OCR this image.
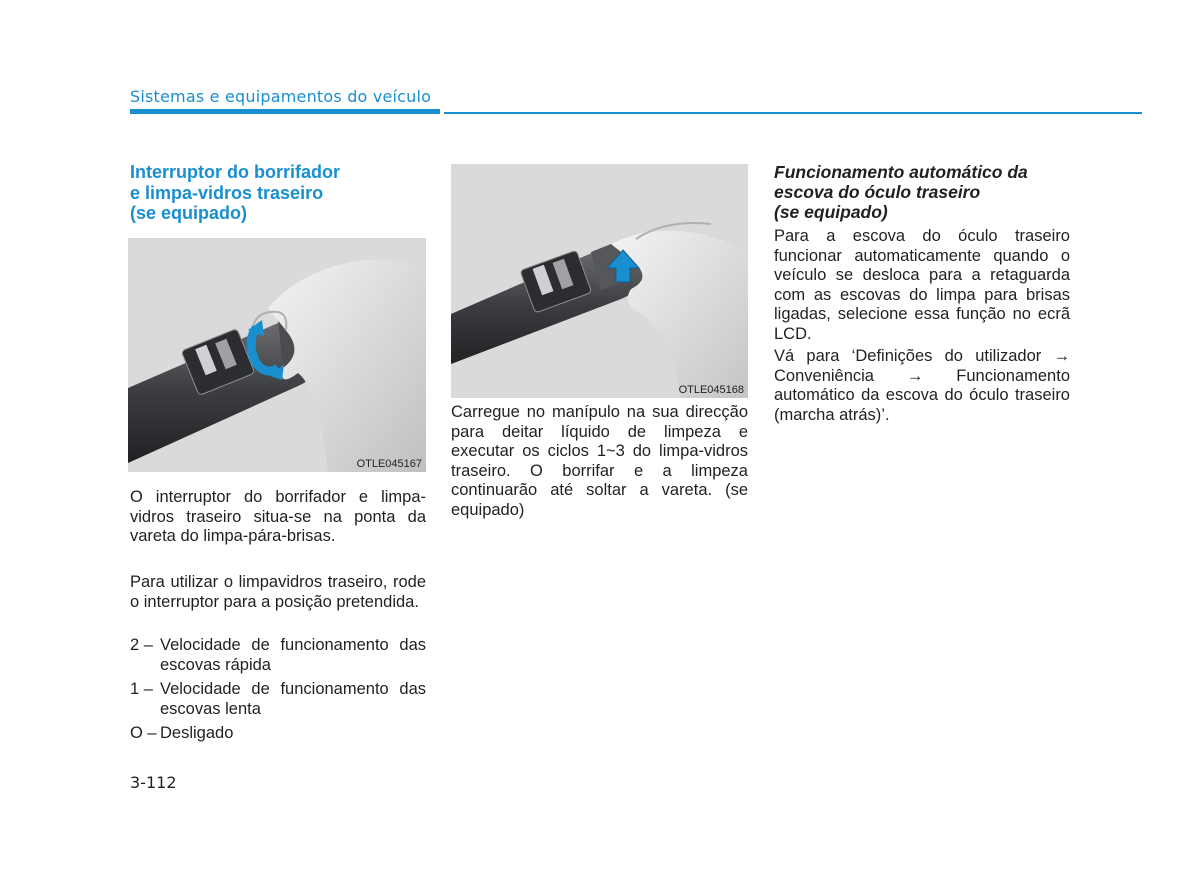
Sistemas e equipamentos do veículo
Interruptor do borrifador
e limpa-vidros traseiro
(se equipado)
OTLE045167
O interruptor do borrifador e limpa-vidros traseiro situa-se na ponta da vareta do limpa-pára-brisas.
Para utilizar o limpavidros traseiro, rode o interruptor para a posição pretendida.
2 – Velocidade de funcionamento das escovas rápida
1 – Velocidade de funcionamento das escovas lenta
O – Desligado
OTLE045168
Carregue no manípulo na sua direcção para deitar líquido de limpeza e executar os ciclos 1~3 do limpa-vidros traseiro. O borrifar e a limpeza continuarão até soltar a vareta. (se equipado)
Funcionamento automático da
escova do óculo traseiro
(se equipado)
Para a escova do óculo traseiro funcionar automaticamente quando o veículo se desloca para a retaguarda com as escovas do limpa para brisas ligadas, selecione essa função no ecrã LCD.
Vá para ‘Definições do utilizador → Conveniência → Funcionamento automático da escova do óculo traseiro (marcha atrás)’.
3-112
